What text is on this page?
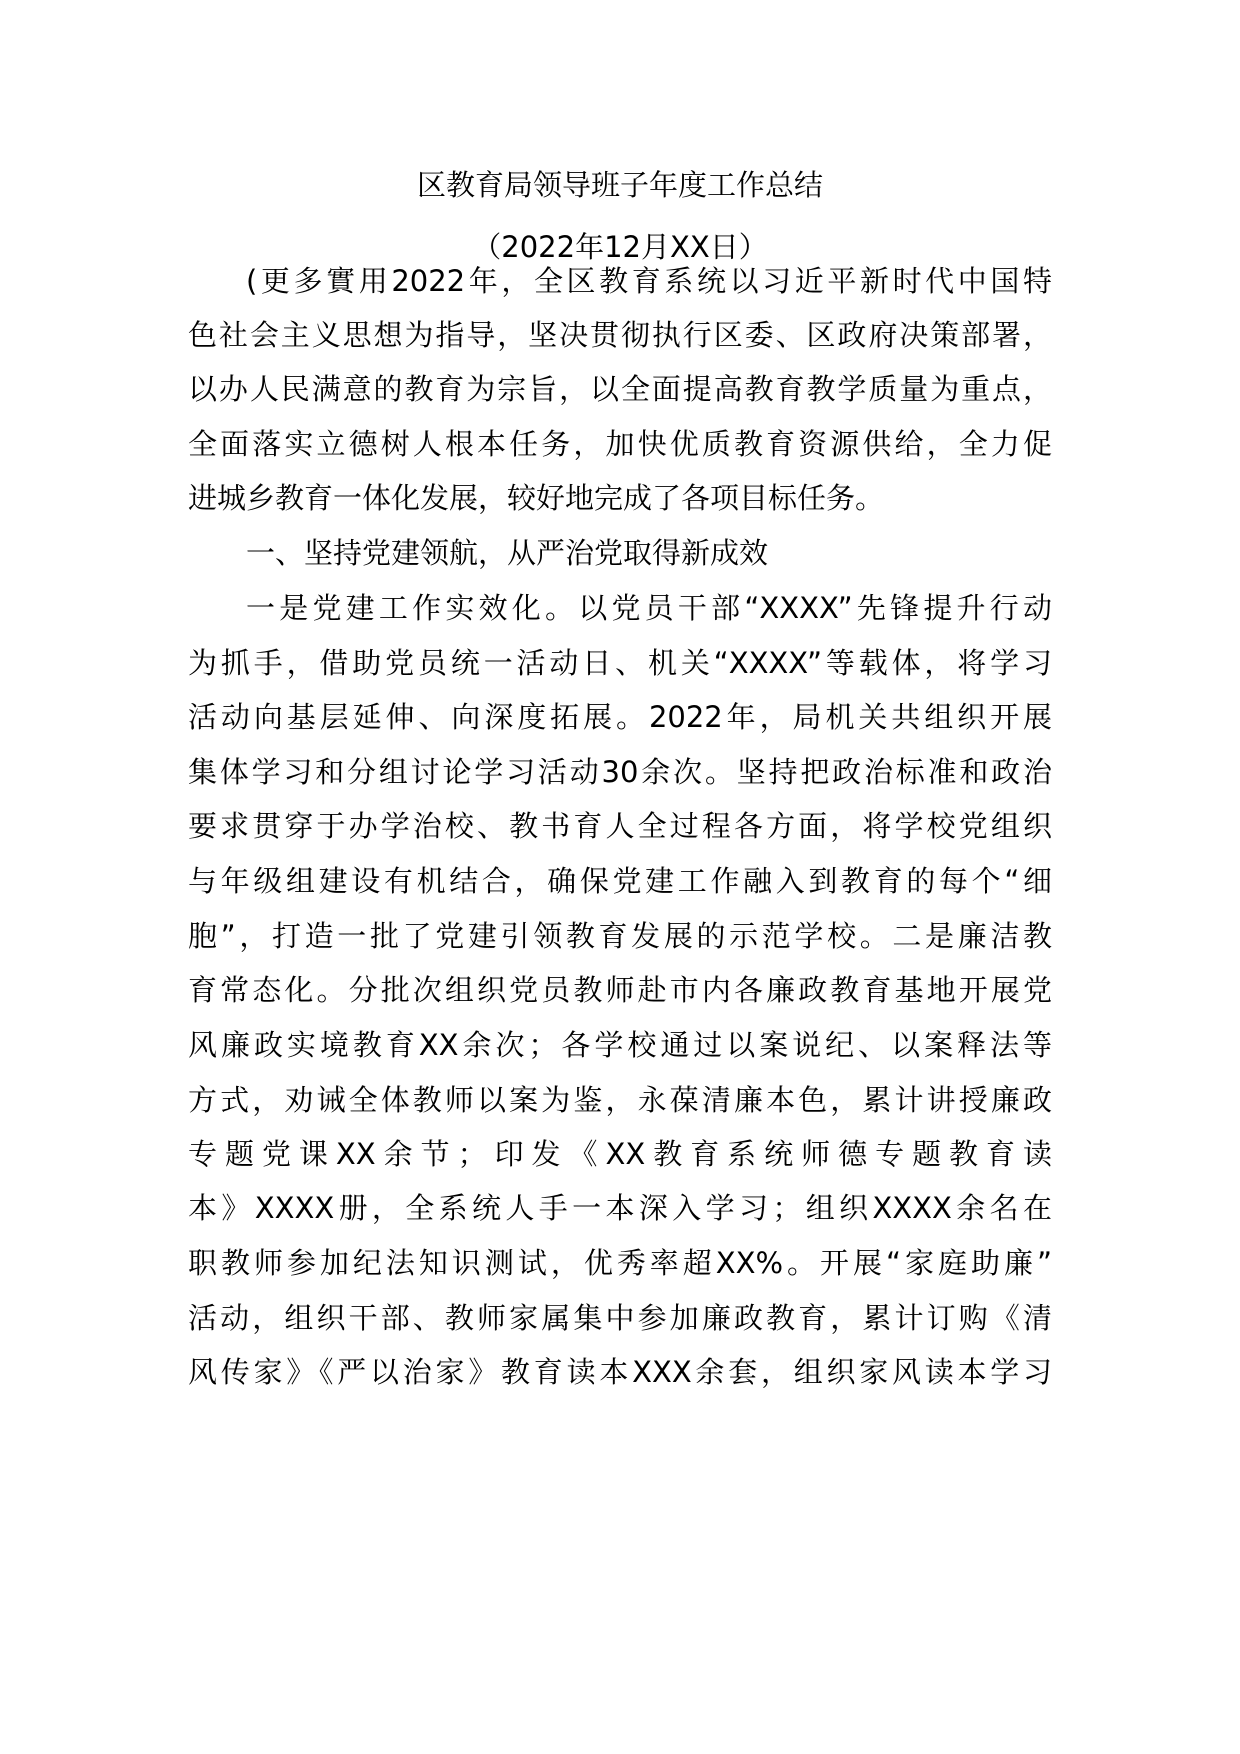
区教育局领导班子年度工作总结
（2022年12月XX日）
(更多實用2022年，全区教育系统以习近平新时代中国特
色社会主义思想为指导，坚决贯彻执行区委、区政府决策部署，
以办人民满意的教育为宗旨，以全面提高教育教学质量为重点，
全面落实立德树人根本任务，加快优质教育资源供给，全力促
进城乡教育一体化发展，较好地完成了各项目标任务。
一、坚持党建领航，从严治党取得新成效
一是党建工作实效化。以党员干部“XXXX”先锋提升行动
为抓手，借助党员统一活动日、机关“XXXX”等载体，将学习
活动向基层延伸、向深度拓展。2022年，局机关共组织开展
集体学习和分组讨论学习活动30余次。坚持把政治标准和政治
要求贯穿于办学治校、教书育人全过程各方面，将学校党组织
与年级组建设有机结合，确保党建工作融入到教育的每个“细
胞”，打造一批了党建引领教育发展的示范学校。二是廉洁教
育常态化。分批次组织党员教师赴市内各廉政教育基地开展党
风廉政实境教育XX余次；各学校通过以案说纪、以案释法等
方式，劝诫全体教师以案为鉴，永葆清廉本色，累计讲授廉政
专题党课XX余节；印发《XX教育系统师德专题教育读
本》XXXX册，全系统人手一本深入学习；组织XXXX余名在
职教师参加纪法知识测试，优秀率超XX%。开展“家庭助廉”
活动，组织干部、教师家属集中参加廉政教育，累计订购《清
风传家》《严以治家》教育读本XXX余套，组织家风读本学习
